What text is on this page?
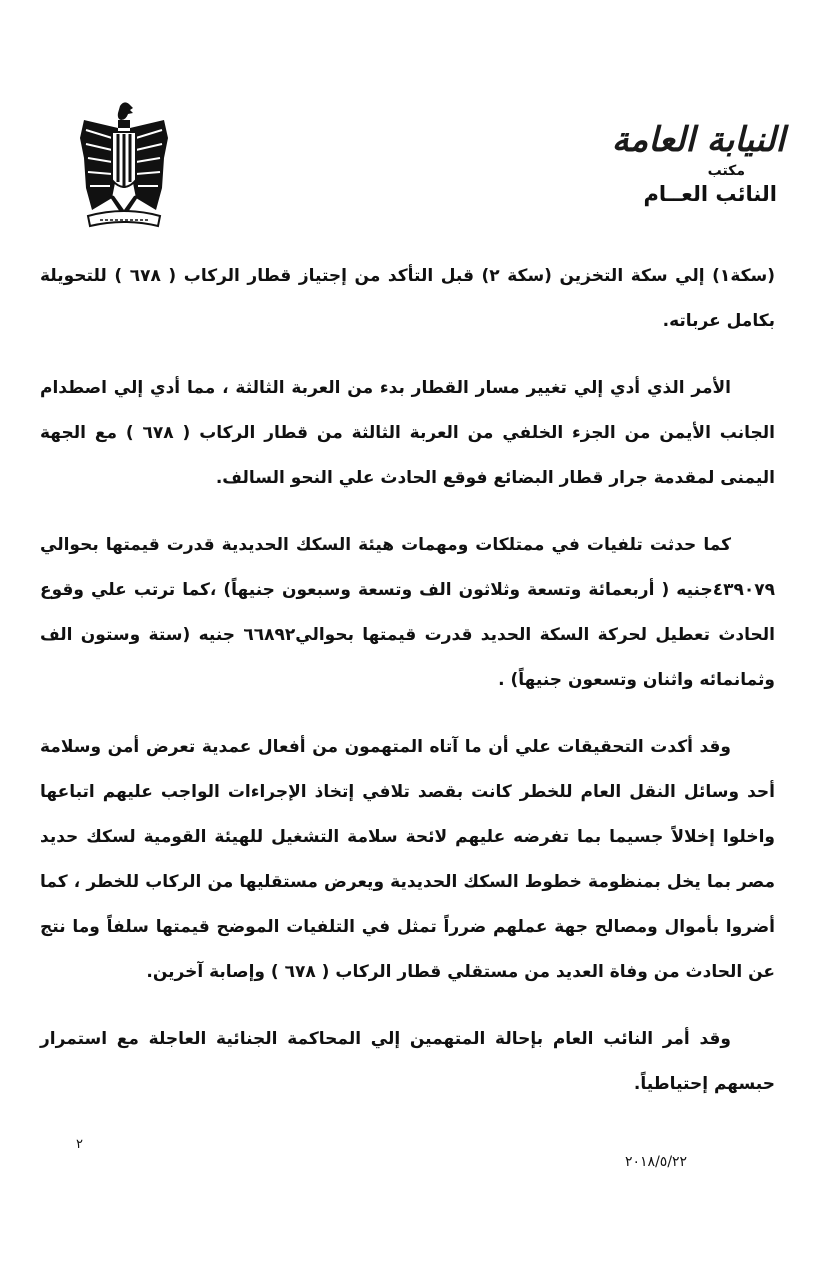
النيابة العامة
مكتب
النائب العــام

(سكة١) إلي سكة التخزين (سكة ٢) قبل التأكد من إجتياز قطار الركاب ( ٦٧٨ ) للتحويلة بكامل عرباته.

الأمر الذي أدي إلي تغيير مسار القطار بدء من العربة الثالثة ، مما أدي إلي اصطدام الجانب الأيمن من الجزء الخلفي من العربة الثالثة من قطار الركاب ( ٦٧٨ ) مع الجهة اليمنى لمقدمة جرار قطار البضائع فوقع الحادث علي النحو السالف.

كما حدثت تلفيات في ممتلكات ومهمات هيئة السكك الحديدية قدرت قيمتها بحوالي ٤٣٩٠٧٩جنيه ( أربعمائة وتسعة وثلاثون الف وتسعة وسبعون جنيهاً) ،كما ترتب علي وقوع الحادث تعطيل لحركة السكة الحديد قدرت قيمتها بحوالي٦٦٨٩٢ جنيه (ستة وستون الف وثمانمائه واثنان وتسعون جنيهاً) .

وقد أكدت التحقيقات علي أن ما آتاه المتهمون من أفعال عمدية تعرض أمن وسلامة أحد وسائل النقل العام للخطر كانت بقصد تلافي إتخاذ الإجراءات الواجب عليهم اتباعها واخلوا إخلالاً جسيما بما تفرضه عليهم لائحة سلامة التشغيل للهيئة القومية لسكك حديد مصر بما يخل بمنظومة خطوط السكك الحديدية ويعرض مستقليها من الركاب للخطر ، كما أضروا بأموال ومصالح جهة عملهم ضرراً تمثل في التلفيات الموضح قيمتها سلفاً وما نتج عن الحادث من وفاة العديد من مستقلي قطار الركاب ( ٦٧٨ ) وإصابة آخرين.

وقد أمر النائب العام بإحالة المتهمين إلي المحاكمة الجنائية العاجلة مع استمرار حبسهم إحتياطياً.

٢
٢٠١٨/٥/٢٢
